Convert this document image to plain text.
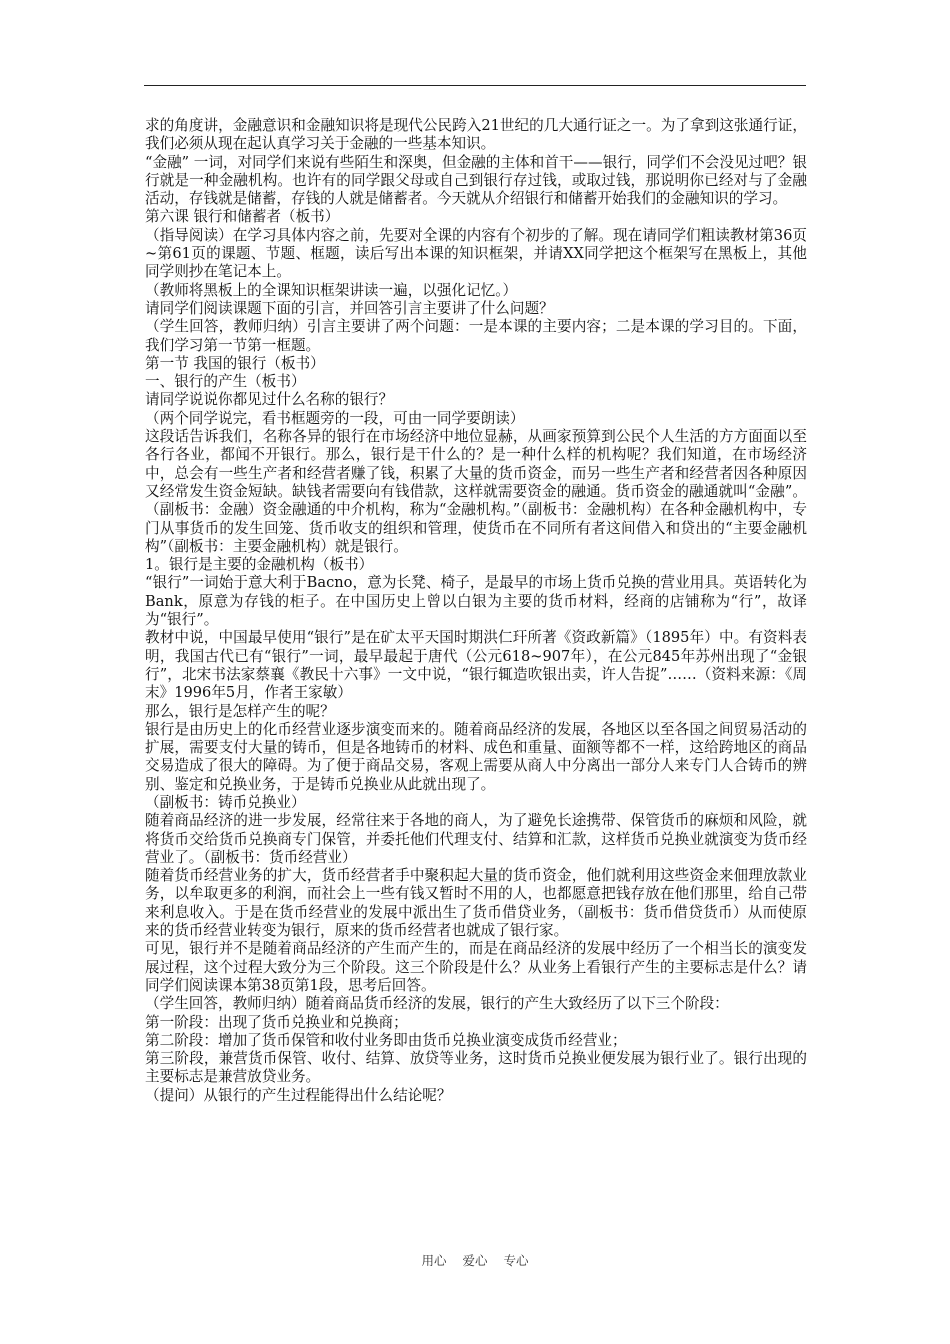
求的角度讲，金融意识和金融知识将是现代公民跨入21世纪的几大通行证之一。为了拿到这张通行证，我们必须从现在起认真学习关于金融的一些基本知识。

“金融” 一词，对同学们来说有些陌生和深奥，但金融的主体和首干——银行，同学们不会没见过吧？银行就是一种金融机构。也许有的同学跟父母或自己到银行存过钱，或取过钱，那说明你已经对与了金融活动，存钱就是储蓄，存钱的人就是储蓄者。今天就从介绍银行和储蓄开始我们的金融知识的学习。

第六课 银行和储蓄者（板书）

（指导阅读）在学习具体内容之前，先要对全课的内容有个初步的了解。现在请同学们粗读教材第36页~第61页的课题、节题、框题，读后写出本课的知识框架，并请XX同学把这个框架写在黑板上，其他同学则抄在笔记本上。

（教师将黑板上的全课知识框架讲读一遍，以强化记忆。）

请同学们阅读课题下面的引言，并回答引言主要讲了什么问题？

（学生回答，教师归纳）引言主要讲了两个问题：一是本课的主要内容；二是本课的学习目的。下面，我们学习第一节第一框题。

第一节 我国的银行（板书）

一、银行的产生（板书）

请同学说说你都见过什么名称的银行？

（两个同学说完，看书框题旁的一段，可由一同学要朗读）

这段话告诉我们，名称各异的银行在市场经济中地位显赫，从画家预算到公民个人生活的方方面面以至各行各业，都闻不开银行。那么，银行是干什么的？是一种什么样的机构呢？我们知道，在市场经济中，总会有一些生产者和经营者赚了钱，积累了大量的货币资金，而另一些生产者和经营者因各种原因又经常发生资金短缺。缺钱者需要向有钱借款，这样就需要资金的融通。货币资金的融通就叫“金融”。（副板书：金融）资金融通的中介机构，称为“金融机构。”（副板书：金融机构）在各种金融机构中，专门从事货币的发生回笼、货币收支的组织和管理，使货币在不同所有者这间借入和贷出的“主要金融机构”（副板书：主要金融机构）就是银行。

1。银行是主要的金融机构（板书）

“银行”一词始于意大利于Bacno，意为长凳、椅子，是最早的市场上货币兑换的营业用具。英语转化为Bank，原意为存钱的柜子。在中国历史上曾以白银为主要的货币材料，经商的店铺称为“行”，故译为“银行”。

教材中说，中国最早使用“银行”是在矿太平天国时期洪仁玕所著《资政新篇》（1895年）中。有资料表明，我国古代已有“银行”一词，最早最起于唐代（公元618~907年），在公元845年苏州出现了“金银行”，北宋书法家蔡襄《教民十六事》一文中说，“银行辄造吹银出卖，许人告捉”……（资料来源：《周末》1996年5月，作者王家敏）

那么，银行是怎样产生的呢？

银行是由历史上的化币经营业逐步演变而来的。随着商品经济的发展，各地区以至各国之间贸易活动的扩展，需要支付大量的铸币，但是各地铸币的材料、成色和重量、面额等都不一样，这给跨地区的商品交易造成了很大的障碍。为了便于商品交易，客观上需要从商人中分离出一部分人来专门人合铸币的辨别、鉴定和兑换业务，于是铸币兑换业从此就出现了。

（副板书：铸币兑换业）

随着商品经济的进一步发展，经常往来于各地的商人，为了避免长途携带、保管货币的麻烦和风险，就将货币交给货币兑换商专门保管，并委托他们代理支付、结算和汇款，这样货币兑换业就演变为货币经营业了。（副板书：货币经营业）

随着货币经营业务的扩大，货币经营者手中聚积起大量的货币资金，他们就利用这些资金来佃理放款业务，以牟取更多的利润，而社会上一些有钱又暂时不用的人，也都愿意把钱存放在他们那里，给自己带来利息收入。于是在货币经营业的发展中派出生了货币借贷业务，（副板书：货币借贷货币）从而使原来的货币经营业转变为银行，原来的货币经营者也就成了银行家。

可见，银行并不是随着商品经济的产生而产生的，而是在商品经济的发展中经历了一个相当长的演变发展过程，这个过程大致分为三个阶段。这三个阶段是什么？从业务上看银行产生的主要标志是什么？请同学们阅读课本第38页第1段，思考后回答。

（学生回答，教师归纳）随着商品货币经济的发展，银行的产生大致经历了以下三个阶段：

第一阶段：出现了货币兑换业和兑换商；

第二阶段：增加了货币保管和收付业务即由货币兑换业演变成货币经营业；

第三阶段，兼营货币保管、收付、结算、放贷等业务，这时货币兑换业便发展为银行业了。银行出现的主要标志是兼营放贷业务。

（提问）从银行的产生过程能得出什么结论呢？

用心 爱心 专心
